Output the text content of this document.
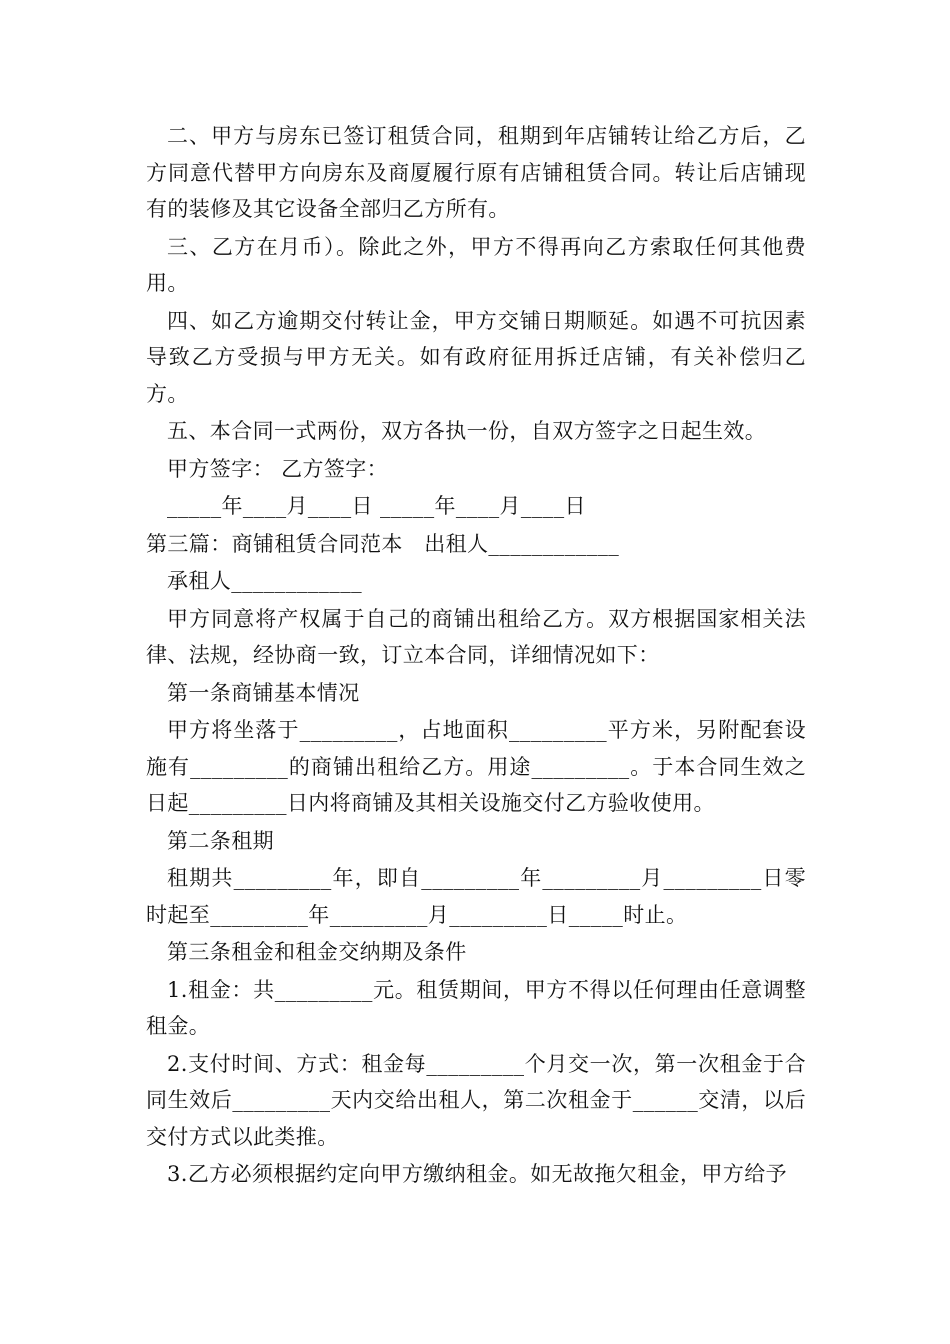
二、甲方与房东已签订租赁合同，租期到年店铺转让给乙方后，乙方同意代替甲方向房东及商厦履行原有店铺租赁合同。转让后店铺现有的装修及其它设备全部归乙方所有。

三、乙方在月币）。除此之外，甲方不得再向乙方索取任何其他费用。

四、如乙方逾期交付转让金，甲方交铺日期顺延。如遇不可抗因素导致乙方受损与甲方无关。如有政府征用拆迁店铺，有关补偿归乙方。

五、本合同一式两份，双方各执一份，自双方签字之日起生效。

甲方签字： 乙方签字：

_____年____月____日 _____年____月____日

第三篇：商铺租赁合同范本　出租人____________

承租人____________

甲方同意将产权属于自己的商铺出租给乙方。双方根据国家相关法律、法规，经协商一致，订立本合同，详细情况如下：

第一条商铺基本情况

甲方将坐落于_________，占地面积_________平方米，另附配套设施有_________的商铺出租给乙方。用途_________。于本合同生效之日起_________日内将商铺及其相关设施交付乙方验收使用。

第二条租期

租期共_________年，即自_________年_________月_________日零时起至_________年_________月_________日_____时止。

第三条租金和租金交纳期及条件

1.租金：共_________元。租赁期间，甲方不得以任何理由任意调整租金。

2.支付时间、方式：租金每_________个月交一次，第一次租金于合同生效后_________天内交给出租人，第二次租金于______交清，以后交付方式以此类推。

3.乙方必须根据约定向甲方缴纳租金。如无故拖欠租金，甲方给予
